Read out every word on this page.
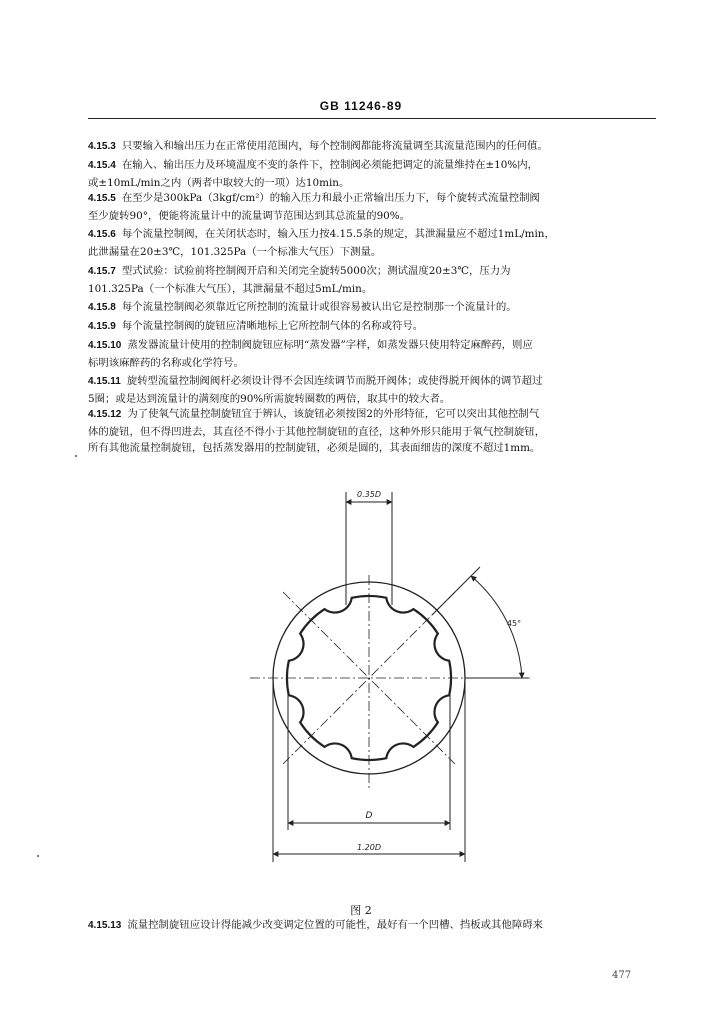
GB 11246-89
4.15.3 只要输入和输出压力在正常使用范围内，每个控制阀都能将流量调至其流量范围内的任何值。
4.15.4 在输入、输出压力及环境温度不变的条件下，控制阀必须能把调定的流量维持在±10%内，
或±10mL/min之内（两者中取较大的一项）达10min。
4.15.5 在至少是300kPa（3kgf/cm²）的输入压力和最小正常输出压力下，每个旋转式流量控制阀
至少旋转90°，便能将流量计中的流量调节范围达到其总流量的90%。
4.15.6 每个流量控制阀，在关闭状态时，输入压力按4.15.5条的规定，其泄漏量应不超过1mL/min，
此泄漏量在20±3℃，101.325Pa（一个标准大气压）下测量。
4.15.7 型式试验：试验前将控制阀开启和关闭完全旋转5000次；测试温度20±3℃，压力为
101.325Pa（一个标准大气压），其泄漏量不超过5mL/min。
4.15.8 每个流量控制阀必须靠近它所控制的流量计或很容易被认出它是控制那一个流量计的。
4.15.9 每个流量控制阀的旋钮应清晰地标上它所控制气体的名称或符号。
4.15.10 蒸发器流量计使用的控制阀旋钮应标明“蒸发器”字样，如蒸发器只使用特定麻醉药，则应
标明该麻醉药的名称或化学符号。
4.15.11 旋转型流量控制阀阀杆必须设计得不会因连续调节而脱开阀体；或使得脱开阀体的调节超过
5圈；或是达到流量计的满刻度的90%所需旋转圈数的两倍，取其中的较大者。
4.15.12 为了使氧气流量控制旋钮宜于辨认，该旋钮必须按图2的外形特征，它可以突出其他控制气
体的旋钮，但不得凹进去，其直径不得小于其他控制旋钮的直径，这种外形只能用于氧气控制旋钮，
所有其他流量控制旋钮，包括蒸发器用的控制旋钮，必须是圆的，其表面细齿的深度不超过1mm。
4.15.13 流量控制旋钮应设计得能减少改变调定位置的可能性，最好有一个凹槽、挡板或其他障碍来
0.35D
45°
D
1.20D
图 2
477
